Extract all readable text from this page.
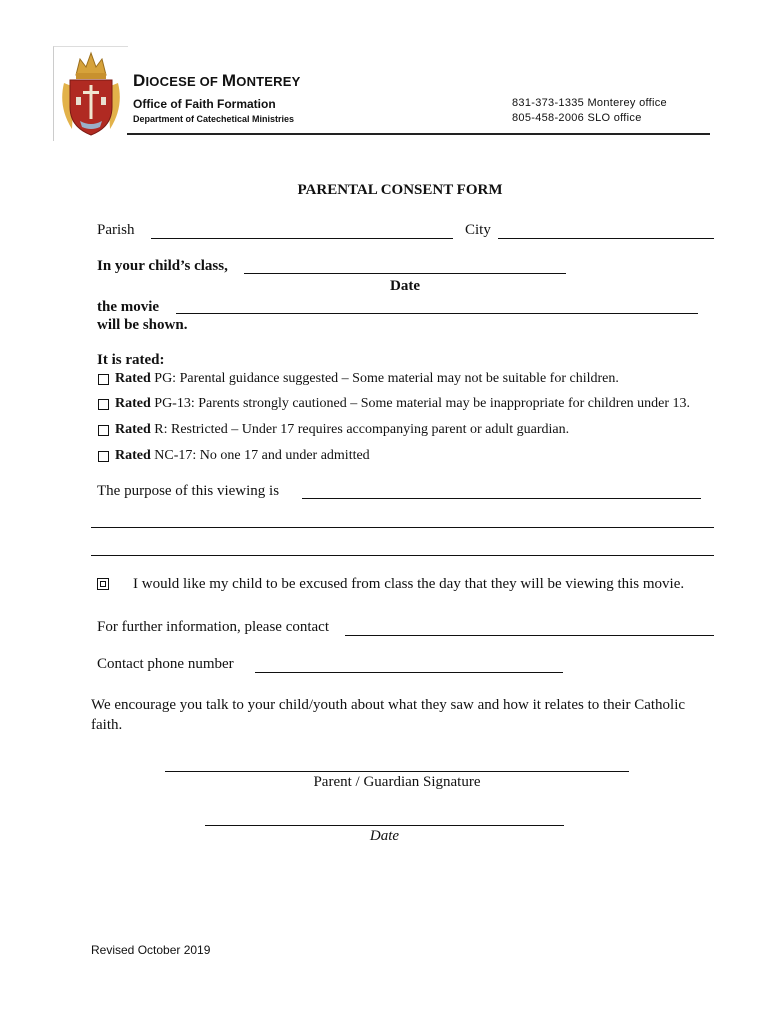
DIOCESE OF MONTEREY
Office of Faith Formation
Department of Catechetical Ministries
831-373-1335 Monterey office
805-458-2006 SLO office
PARENTAL CONSENT FORM
Parish	City
In your child’s class,
Date
the movie
will be shown.
It is rated:
Rated PG: Parental guidance suggested – Some material may not be suitable for children.
Rated PG-13: Parents strongly cautioned – Some material may be inappropriate for children under 13.
Rated R: Restricted – Under 17 requires accompanying parent or adult guardian.
Rated NC-17: No one 17 and under admitted
The purpose of this viewing is
I would like my child to be excused from class the day that they will be viewing this movie.
For further information, please contact
Contact phone number
We encourage you talk to your child/youth about what they saw and how it relates to their Catholic faith.
Parent / Guardian Signature
Date
Revised October 2019
